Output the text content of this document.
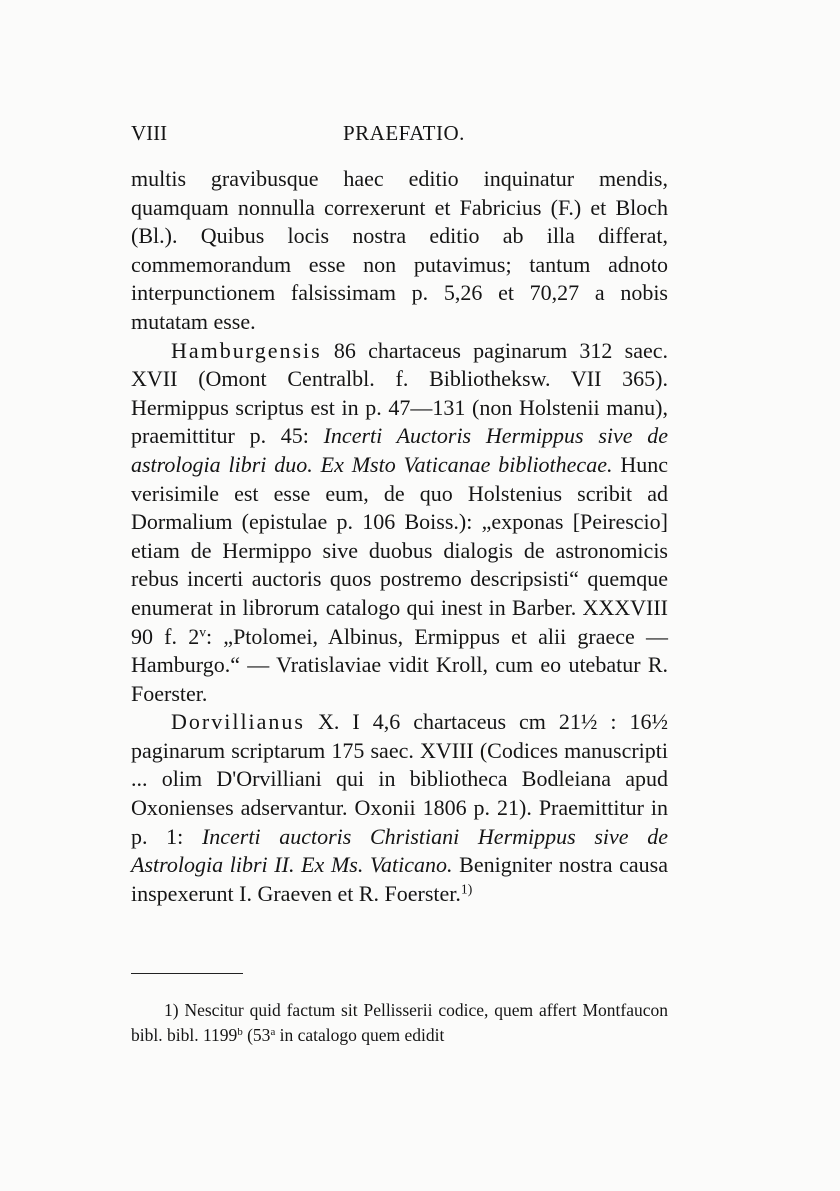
VIII	PRAEFATIO.

multis gravibusque haec editio inquinatur mendis, quamquam nonnulla correxerunt et Fabricius (F.) et Bloch (Bl.). Quibus locis nostra editio ab illa differat, commemorandum esse non putavimus; tantum adnoto interpunctionem falsissimam p. 5,26 et 70,27 a nobis mutatam esse.

Hamburgensis 86 chartaceus paginarum 312 saec. XVII (Omont Centralbl. f. Bibliotheksw. VII 365). Hermippus scriptus est in p. 47—131 (non Holstenii manu), praemittitur p. 45: Incerti Auctoris Hermippus sive de astrologia libri duo. Ex Msto Vaticanae bibliothecae. Hunc verisimile est esse eum, de quo Holstenius scribit ad Dormalium (epistulae p. 106 Boiss.): „exponas [Peirescio] etiam de Hermippo sive duobus dialogis de astronomicis rebus incerti auctoris quos postremo descripsisti“ quemque enumerat in librorum catalogo qui inest in Barber. XXXVIII 90 f. 2$^v$: „Ptolomei, Albinus, Ermippus et alii graece — Hamburgo.“ — Vratislaviae vidit Kroll, cum eo utebatur R. Foerster.

Dorvillianus X. I 4,6 chartaceus cm 21½ : 16½ paginarum scriptarum 175 saec. XVIII (Codices manuscripti ... olim D'Orvilliani qui in bibliotheca Bodleiana apud Oxonienses adservantur. Oxonii 1806 p. 21). Praemittitur in p. 1: Incerti auctoris Christiani Hermippus sive de Astrologia libri II. Ex Ms. Vaticano. Benigniter nostra causa inspexerunt I. Graeven et R. Foerster.$^{1)}$

1) Nescitur quid factum sit Pellisserii codice, quem affert Montfaucon bibl. bibl. 1199$^b$ (53$^a$ in catalogo quem edidit
